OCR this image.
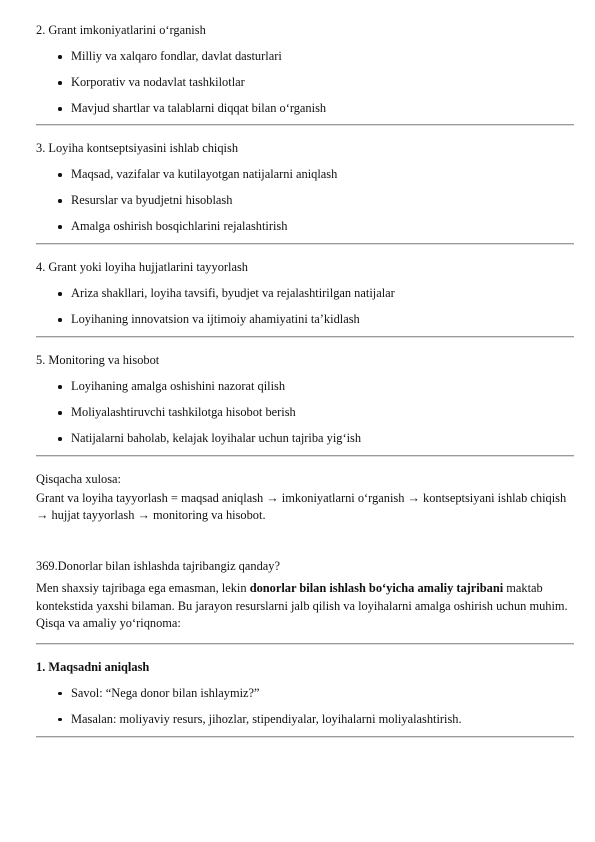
2. Grant imkoniyatlarini o‘rganish

Milliy va xalqaro fondlar, davlat dasturlari
Korporativ va nodavlat tashkilotlar
Mavjud shartlar va talablarni diqqat bilan o‘rganish

3. Loyiha kontseptsiyasini ishlab chiqish

Maqsad, vazifalar va kutilayotgan natijalarni aniqlash
Resurslar va byudjetni hisoblash
Amalga oshirish bosqichlarini rejalashtirish

4. Grant yoki loyiha hujjatlarini tayyorlash

Ariza shakllari, loyiha tavsifi, byudjet va rejalashtirilgan natijalar
Loyihaning innovatsion va ijtimoiy ahamiyatini ta’kidlash

5. Monitoring va hisobot

Loyihaning amalga oshishini nazorat qilish
Moliyalashtiruvchi tashkilotga hisobot berish
Natijalarni baholab, kelajak loyihalar uchun tajriba yig‘ish

Qisqacha xulosa:

Grant va loyiha tayyorlash = maqsad aniqlash → imkoniyatlarni o‘rganish → kontseptsiyani ishlab chiqish → hujjat tayyorlash → monitoring va hisobot.

369.Donorlar bilan ishlashda tajribangiz qanday?

Men shaxsiy tajribaga ega emasman, lekin donorlar bilan ishlash bo‘yicha amaliy tajribani maktab kontekstida yaxshi bilaman. Bu jarayon resurslarni jalb qilish va loyihalarni amalga oshirish uchun muhim. Qisqa va amaliy yo‘riqnoma:

1. Maqsadni aniqlash

Savol: “Nega donor bilan ishlaymiz?”
Masalan: moliyaviy resurs, jihozlar, stipendiyalar, loyihalarni moliyalashtirish.
